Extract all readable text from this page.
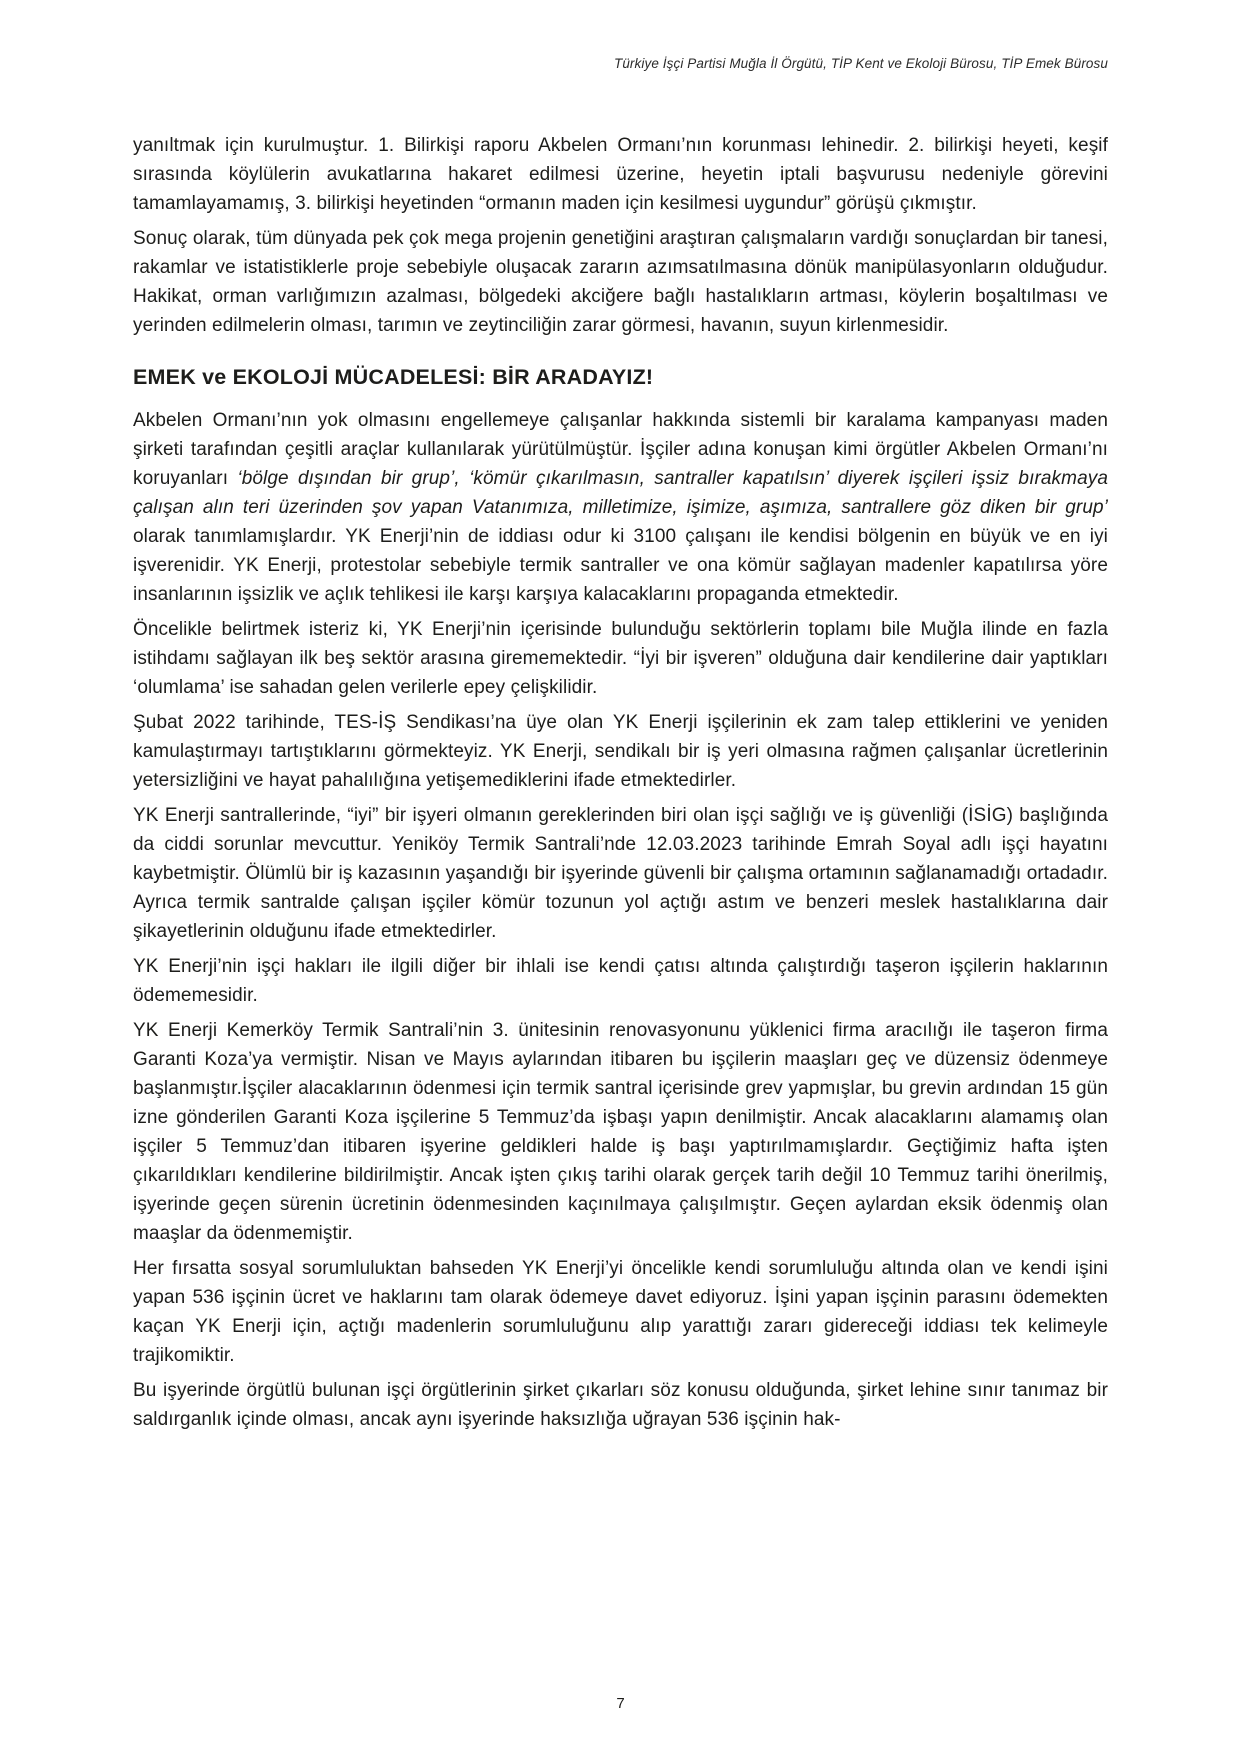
Türkiye İşçi Partisi Muğla İl Örgütü, TİP Kent ve Ekoloji Bürosu, TİP Emek Bürosu

yanıltmak için kurulmuştur. 1. Bilirkişi raporu Akbelen Ormanı’nın korunması lehinedir. 2. bilirkişi heyeti, keşif sırasında köylülerin avukatlarına hakaret edilmesi üzerine, heyetin iptali başvurusu nedeniyle görevini tamamlayamamış, 3. bilirkişi heyetinden “ormanın maden için kesilmesi uygundur” görüşü çıkmıştır.

Sonuç olarak, tüm dünyada pek çok mega projenin genetiğini araştıran çalışmaların vardığı sonuçlardan bir tanesi, rakamlar ve istatistiklerle proje sebebiyle oluşacak zararın azımsatılmasına dönük manipülasyonların olduğudur. Hakikat, orman varlığımızın azalması, bölgedeki akciğere bağlı hastalıkların artması, köylerin boşaltılması ve yerinden edilmelerin olması, tarımın ve zeytinciliğin zarar görmesi, havanın, suyun kirlenmesidir.

EMEK ve EKOLOJİ MÜCADELESİ: BİR ARADAYIZ!

Akbelen Ormanı’nın yok olmasını engellemeye çalışanlar hakkında sistemli bir karalama kampanyası maden şirketi tarafından çeşitli araçlar kullanılarak yürütülmüştür. İşçiler adına konuşan kimi örgütler Akbelen Ormanı’nı koruyanları ‘bölge dışından bir grup’, ‘kömür çıkarılmasın, santraller kapatılsın’ diyerek işçileri işsiz bırakmaya çalışan alın teri üzerinden şov yapan Vatanımıza, milletimize, işimize, aşımıza, santrallere göz diken bir grup’ olarak tanımlamışlardır. YK Enerji’nin de iddiası odur ki 3100 çalışanı ile kendisi bölgenin en büyük ve en iyi işverenidir. YK Enerji, protestolar sebebiyle termik santraller ve ona kömür sağlayan madenler kapatılırsa yöre insanlarının işsizlik ve açlık tehlikesi ile karşı karşıya kalacaklarını propaganda etmektedir.

Öncelikle belirtmek isteriz ki, YK Enerji’nin içerisinde bulunduğu sektörlerin toplamı bile Muğla ilinde en fazla istihdamı sağlayan ilk beş sektör arasına girememektedir. “İyi bir işveren” olduğuna dair kendilerine dair yaptıkları ‘olumlama’ ise sahadan gelen verilerle epey çelişkilidir.

Şubat 2022 tarihinde, TES-İŞ Sendikası’na üye olan YK Enerji işçilerinin ek zam talep ettiklerini ve yeniden kamulaştırmayı tartıştıklarını görmekteyiz. YK Enerji, sendikalı bir iş yeri olmasına rağmen çalışanlar ücretlerinin yetersizliğini ve hayat pahalılığına yetişemediklerini ifade etmektedirler.

YK Enerji santrallerinde, “iyi” bir işyeri olmanın gereklerinden biri olan işçi sağlığı ve iş güvenliği (İSİG) başlığında da ciddi sorunlar mevcuttur. Yeniköy Termik Santrali’nde 12.03.2023 tarihinde Emrah Soyal adlı işçi hayatını kaybetmiştir. Ölümlü bir iş kazasının yaşandığı bir işyerinde güvenli bir çalışma ortamının sağlanamadığı ortadadır. Ayrıca termik santralde çalışan işçiler kömür tozunun yol açtığı astım ve benzeri meslek hastalıklarına dair şikayetlerinin olduğunu ifade etmektedirler.

YK Enerji’nin işçi hakları ile ilgili diğer bir ihlali ise kendi çatısı altında çalıştırdığı taşeron işçilerin haklarının ödememesidir.

YK Enerji Kemerköy Termik Santrali’nin 3. ünitesinin renovasyonunu yüklenici firma aracılığı ile taşeron firma Garanti Koza’ya vermiştir. Nisan ve Mayıs aylarından itibaren bu işçilerin maaşları geç ve düzensiz ödenmeye başlanmıştır.İşçiler alacaklarının ödenmesi için termik santral içerisinde grev yapmışlar, bu grevin ardından 15 gün izne gönderilen Garanti Koza işçilerine 5 Temmuz’da işbaşı yapın denilmiştir. Ancak alacaklarını alamamış olan işçiler 5 Temmuz’dan itibaren işyerine geldikleri halde iş başı yaptırılmamışlardır. Geçtiğimiz hafta işten çıkarıldıkları kendilerine bildirilmiştir. Ancak işten çıkış tarihi olarak gerçek tarih değil 10 Temmuz tarihi önerilmiş, işyerinde geçen sürenin ücretinin ödenmesinden kaçınılmaya çalışılmıştır. Geçen aylardan eksik ödenmiş olan maaşlar da ödenmemiştir.

Her fırsatta sosyal sorumluluktan bahseden YK Enerji’yi öncelikle kendi sorumluluğu altında olan ve kendi işini yapan 536 işçinin ücret ve haklarını tam olarak ödemeye davet ediyoruz. İşini yapan işçinin parasını ödemekten kaçan YK Enerji için, açtığı madenlerin sorumluluğunu alıp yarattığı zararı gidereceği iddiası tek kelimeyle trajikomiktir.

Bu işyerinde örgütlü bulunan işçi örgütlerinin şirket çıkarları söz konusu olduğunda, şirket lehine sınır tanımaz bir saldırganlık içinde olması, ancak aynı işyerinde haksızlığa uğrayan 536 işçinin hak-

7
